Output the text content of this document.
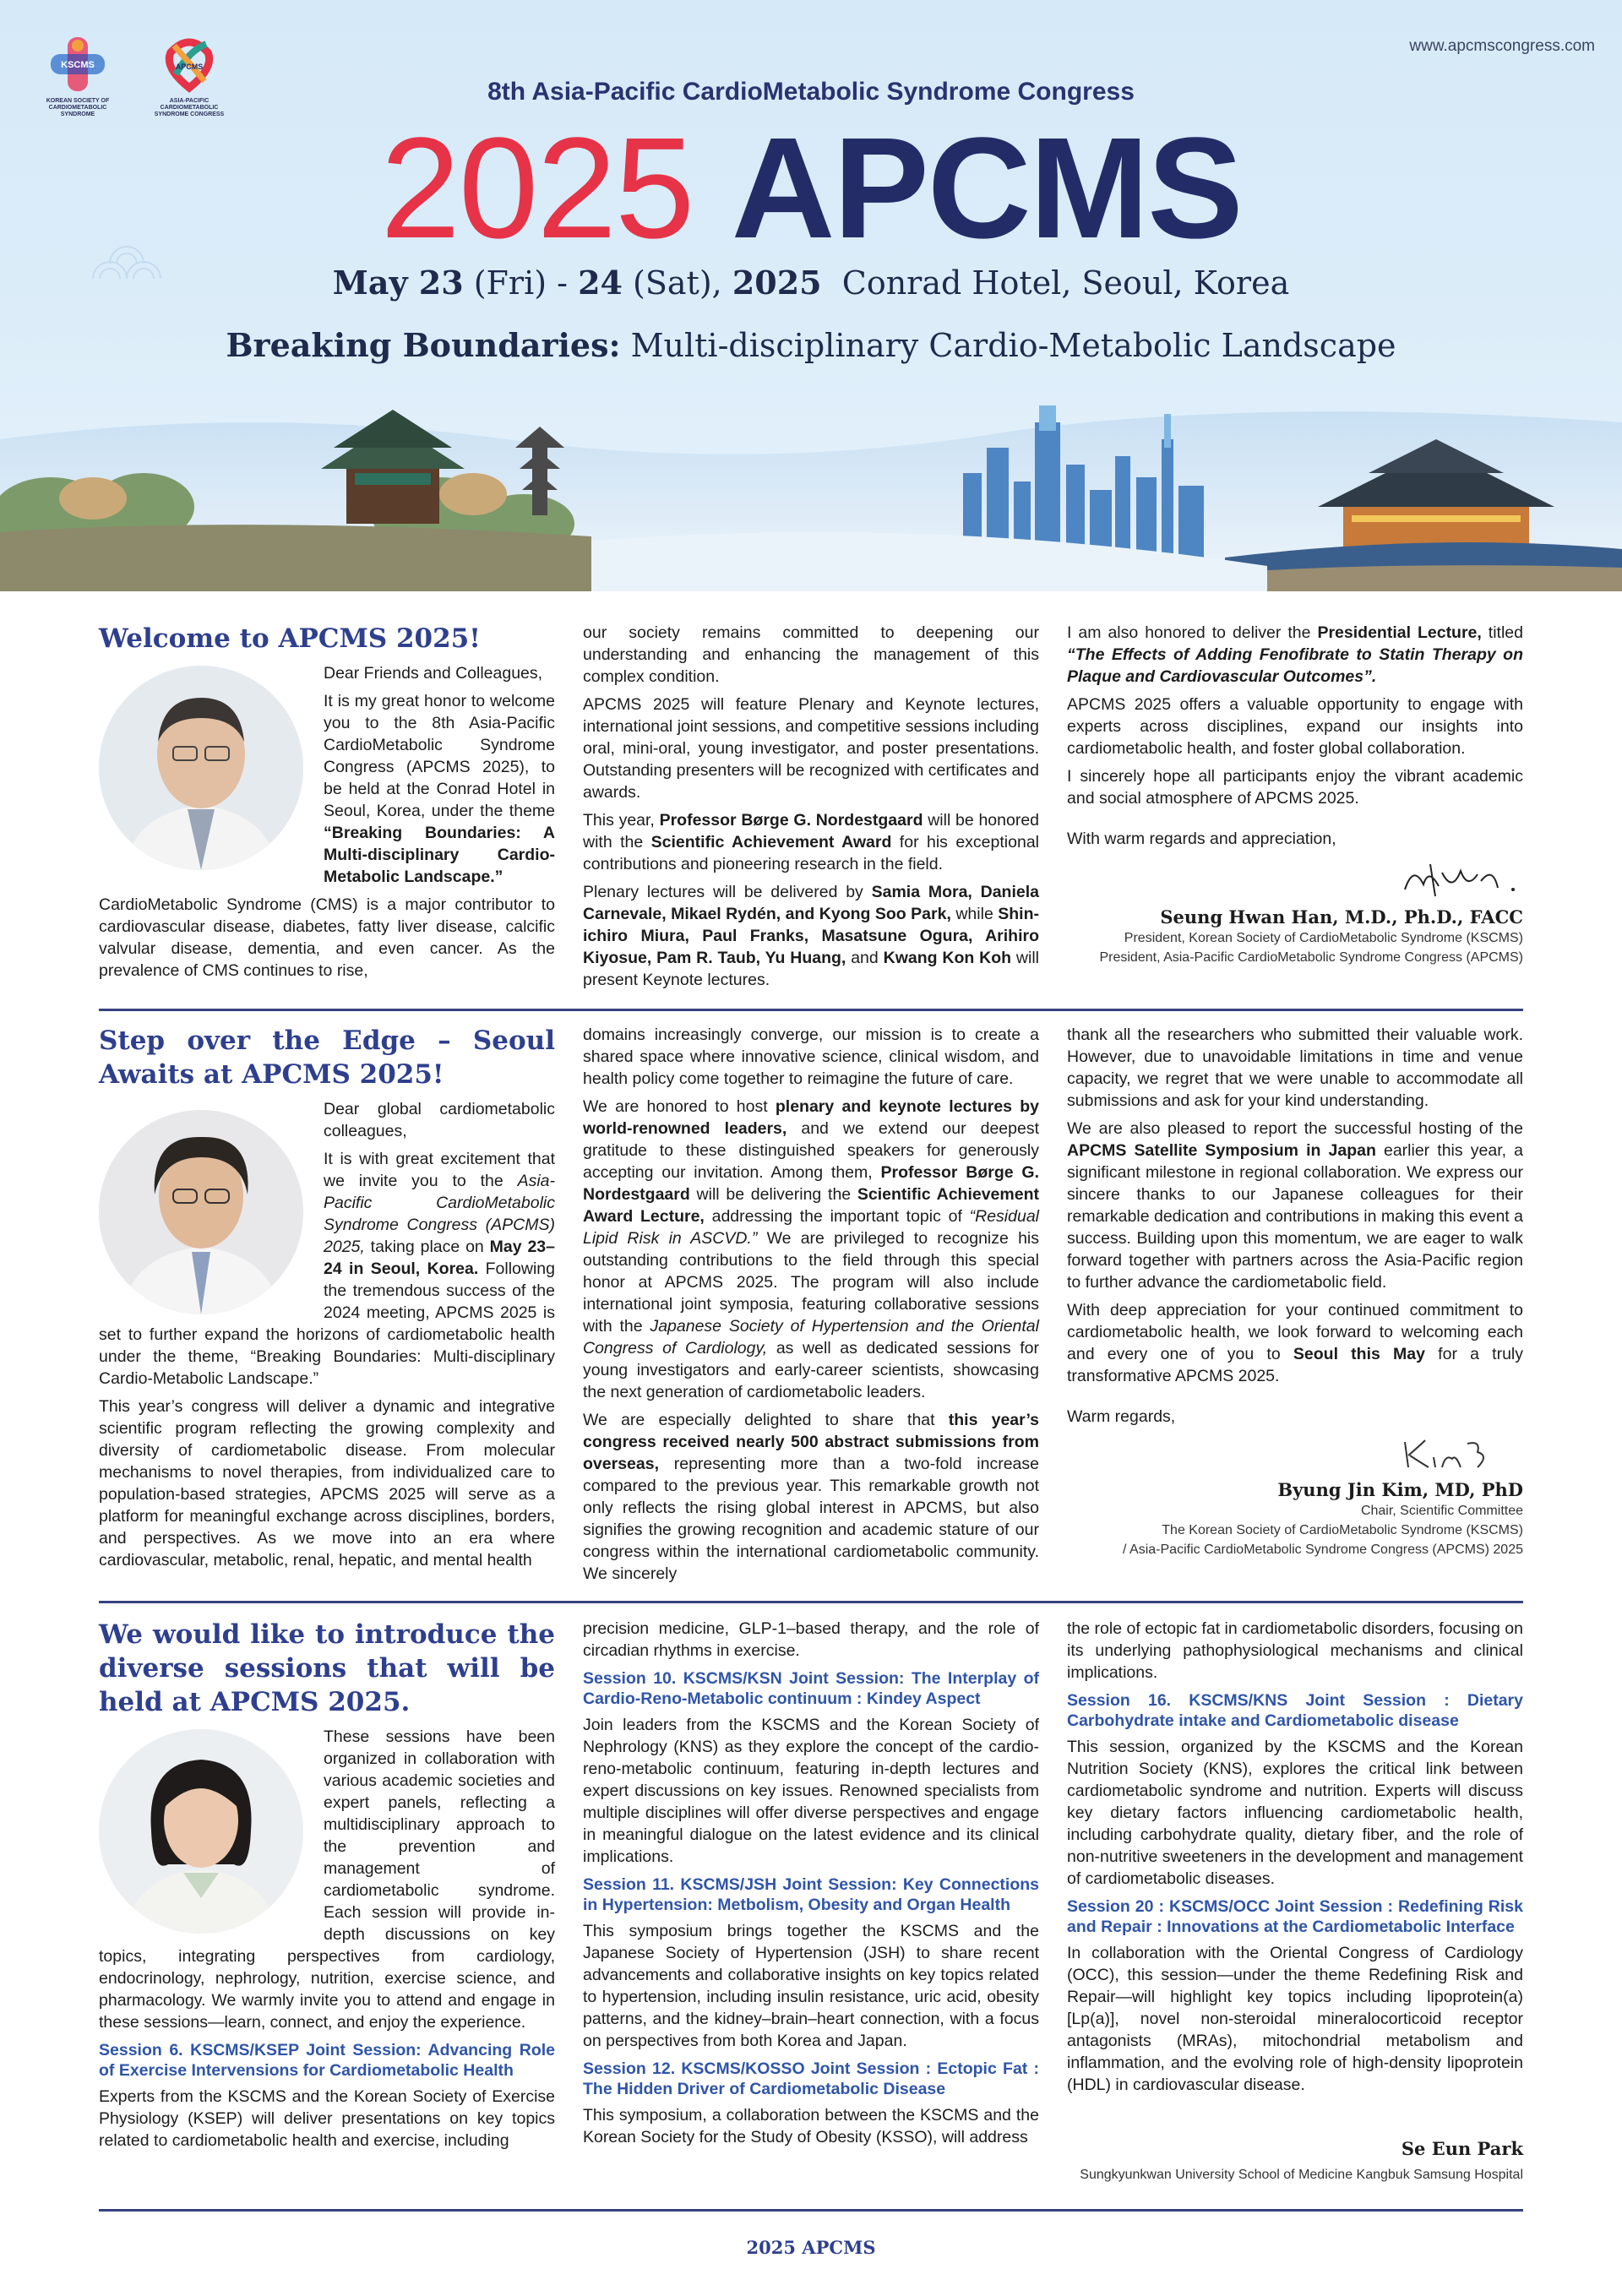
www.apcmscongress.com
KSCMS
KOREAN SOCIETY OF CARDIOMETABOLIC SYNDROME
APCMS
ASIA-PACIFIC CARDIOMETABOLIC SYNDROME CONGRESS
8th Asia-Pacific CardioMetabolic Syndrome Congress
2025 APCMS
May 23 (Fri) - 24 (Sat), 2025  Conrad Hotel, Seoul, Korea
Breaking Boundaries: Multi-disciplinary Cardio-Metabolic Landscape
Welcome to APCMS 2025!

Dear Friends and Colleagues,

It is my great honor to welcome you to the 8th Asia-Pacific CardioMetabolic Syndrome Congress (APCMS 2025), to be held at the Conrad Hotel in Seoul, Korea, under the theme “Breaking Boundaries: A Multi-disciplinary Cardio-Metabolic Landscape.”

CardioMetabolic Syndrome (CMS) is a major contributor to cardiovascular disease, diabetes, fatty liver disease, calcific valvular disease, dementia, and even cancer. As the prevalence of CMS continues to rise,

our society remains committed to deepening our understanding and enhancing the management of this complex condition.

APCMS 2025 will feature Plenary and Keynote lectures, international joint sessions, and competitive sessions including oral, mini-oral, young investigator, and poster presentations. Outstanding presenters will be recognized with certificates and awards.

This year, Professor Børge G. Nordestgaard will be honored with the Scientific Achievement Award for his exceptional contributions and pioneering research in the field.

Plenary lectures will be delivered by Samia Mora, Daniela Carnevale, Mikael Rydén, and Kyong Soo Park, while Shin-ichiro Miura, Paul Franks, Masatsune Ogura, Arihiro Kiyosue, Pam R. Taub, Yu Huang, and Kwang Kon Koh will present Keynote lectures.

I am also honored to deliver the Presidential Lecture, titled “The Effects of Adding Fenofibrate to Statin Therapy on Plaque and Cardiovascular Outcomes”.

APCMS 2025 offers a valuable opportunity to engage with experts across disciplines, expand our insights into cardiometabolic health, and foster global collaboration.

I sincerely hope all participants enjoy the vibrant academic and social atmosphere of APCMS 2025.

With warm regards and appreciation,

Seung Hwan Han, M.D., Ph.D., FACC
President, Korean Society of CardioMetabolic Syndrome (KSCMS)
President, Asia-Pacific CardioMetabolic Syndrome Congress (APCMS)
Step over the Edge – Seoul Awaits at APCMS 2025!

Dear global cardiometabolic colleagues,

It is with great excitement that we invite you to the Asia-Pacific CardioMetabolic Syndrome Congress (APCMS) 2025, taking place on May 23–24 in Seoul, Korea. Following the tremendous success of the 2024 meeting, APCMS 2025 is set to further expand the horizons of cardiometabolic health under the theme, “Breaking Boundaries: Multi-disciplinary Cardio-Metabolic Landscape.”

This year’s congress will deliver a dynamic and integrative scientific program reflecting the growing complexity and diversity of cardiometabolic disease. From molecular mechanisms to novel therapies, from individualized care to population-based strategies, APCMS 2025 will serve as a platform for meaningful exchange across disciplines, borders, and perspectives. As we move into an era where cardiovascular, metabolic, renal, hepatic, and mental health

domains increasingly converge, our mission is to create a shared space where innovative science, clinical wisdom, and health policy come together to reimagine the future of care.

We are honored to host plenary and keynote lectures by world-renowned leaders, and we extend our deepest gratitude to these distinguished speakers for generously accepting our invitation. Among them, Professor Børge G. Nordestgaard will be delivering the Scientific Achievement Award Lecture, addressing the important topic of “Residual Lipid Risk in ASCVD.” We are privileged to recognize his outstanding contributions to the field through this special honor at APCMS 2025. The program will also include international joint symposia, featuring collaborative sessions with the Japanese Society of Hypertension and the Oriental Congress of Cardiology, as well as dedicated sessions for young investigators and early-career scientists, showcasing the next generation of cardiometabolic leaders.

We are especially delighted to share that this year’s congress received nearly 500 abstract submissions from overseas, representing more than a two-fold increase compared to the previous year. This remarkable growth not only reflects the rising global interest in APCMS, but also signifies the growing recognition and academic stature of our congress within the international cardiometabolic community. We sincerely

thank all the researchers who submitted their valuable work. However, due to unavoidable limitations in time and venue capacity, we regret that we were unable to accommodate all submissions and ask for your kind understanding.

We are also pleased to report the successful hosting of the APCMS Satellite Symposium in Japan earlier this year, a significant milestone in regional collaboration. We express our sincere thanks to our Japanese colleagues for their remarkable dedication and contributions in making this event a success. Building upon this momentum, we are eager to walk forward together with partners across the Asia-Pacific region to further advance the cardiometabolic field.

With deep appreciation for your continued commitment to cardiometabolic health, we look forward to welcoming each and every one of you to Seoul this May for a truly transformative APCMS 2025.

Warm regards,

Byung Jin Kim, MD, PhD
Chair, Scientific Committee
The Korean Society of CardioMetabolic Syndrome (KSCMS)
/ Asia-Pacific CardioMetabolic Syndrome Congress (APCMS) 2025
We would like to introduce the diverse sessions that will be held at APCMS 2025.

These sessions have been organized in collaboration with various academic societies and expert panels, reflecting a multidisciplinary approach to the prevention and management of cardiometabolic syndrome. Each session will provide in-depth discussions on key topics, integrating perspectives from cardiology, endocrinology, nephrology, nutrition, exercise science, and pharmacology. We warmly invite you to attend and engage in these sessions—learn, connect, and enjoy the experience.

Session 6. KSCMS/KSEP Joint Session: Advancing Role of Exercise Intervensions for Cardiometabolic Health

Experts from the KSCMS and the Korean Society of Exercise Physiology (KSEP) will deliver presentations on key topics related to cardiometabolic health and exercise, including

precision medicine, GLP-1–based therapy, and the role of circadian rhythms in exercise.

Session 10. KSCMS/KSN Joint Session: The Interplay of Cardio-Reno-Metabolic continuum : Kindey Aspect

Join leaders from the KSCMS and the Korean Society of Nephrology (KNS) as they explore the concept of the cardio-reno-metabolic continuum, featuring in-depth lectures and expert discussions on key issues. Renowned specialists from multiple disciplines will offer diverse perspectives and engage in meaningful dialogue on the latest evidence and its clinical implications.

Session 11. KSCMS/JSH Joint Session: Key Connections in Hypertension: Metbolism, Obesity and Organ Health

This symposium brings together the KSCMS and the Japanese Society of Hypertension (JSH) to share recent advancements and collaborative insights on key topics related to hypertension, including insulin resistance, uric acid, obesity patterns, and the kidney–brain–heart connection, with a focus on perspectives from both Korea and Japan.

Session 12. KSCMS/KOSSO Joint Session : Ectopic Fat : The Hidden Driver of Cardiometabolic Disease

This symposium, a collaboration between the KSCMS and the Korean Society for the Study of Obesity (KSSO), will address

the role of ectopic fat in cardiometabolic disorders, focusing on its underlying pathophysiological mechanisms and clinical implications.

Session 16. KSCMS/KNS Joint Session : Dietary Carbohydrate intake and Cardiometabolic disease

This session, organized by the KSCMS and the Korean Nutrition Society (KNS), explores the critical link between cardiometabolic syndrome and nutrition. Experts will discuss key dietary factors influencing cardiometabolic health, including carbohydrate quality, dietary fiber, and the role of non-nutritive sweeteners in the development and management of cardiometabolic diseases.

Session 20 : KSCMS/OCC Joint Session : Redefining Risk and Repair : Innovations at the Cardiometabolic Interface

In collaboration with the Oriental Congress of Cardiology (OCC), this session—under the theme Redefining Risk and Repair—will highlight key topics including lipoprotein(a) [Lp(a)], novel non-steroidal mineralocorticoid receptor antagonists (MRAs), mitochondrial metabolism and inflammation, and the evolving role of high-density lipoprotein (HDL) in cardiovascular disease.

Se Eun Park
Sungkyunkwan University School of Medicine Kangbuk Samsung Hospital
2025 APCMS
